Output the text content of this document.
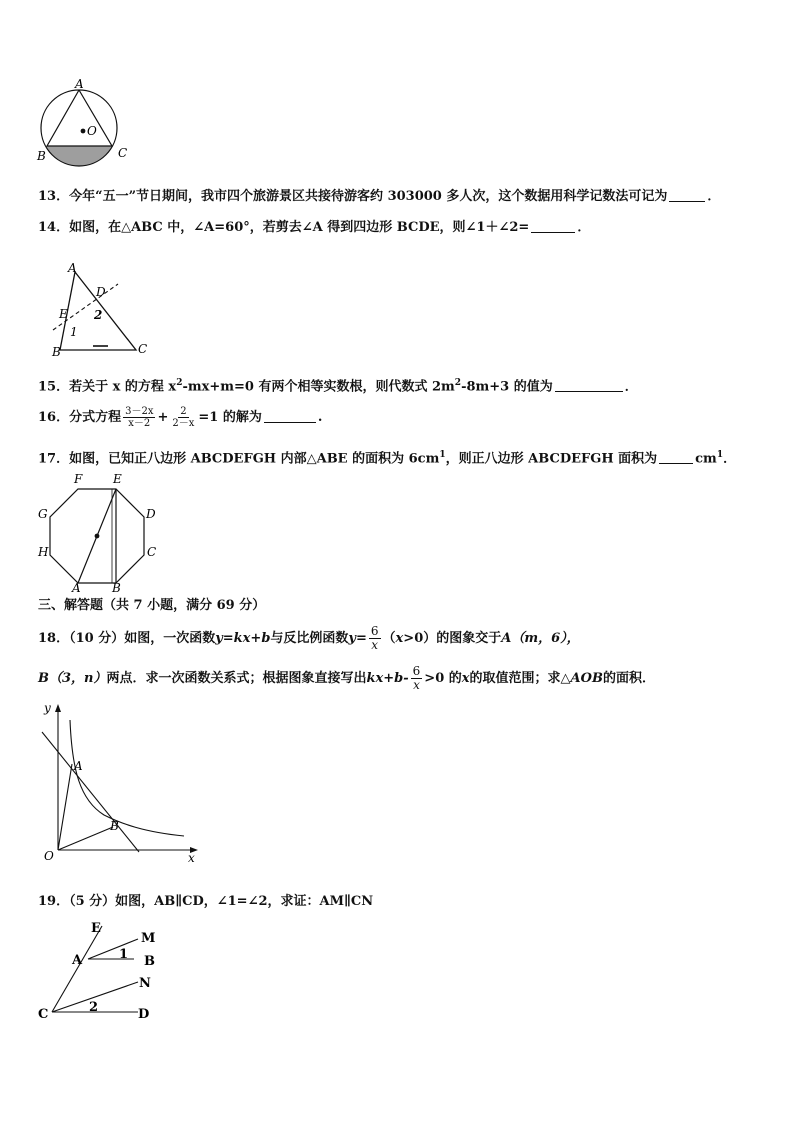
A
O
B	C
13．今年“五一”节日期间，我市四个旅游景区共接待游客约 303000 多人次，这个数据用科学记数法可记为	．
14．如图，在△ABC 中，∠A=60°，若剪去∠A 得到四边形 BCDE，则∠1＋∠2=	．
A
D
E 2
1
B	C
15．若关于 x 的方程 $x^2-mx+m=0$ 有两个相等实数根，则代数式 $2m^2-8m+3$ 的值为	．
16．分式方程 $\frac{3-2x}{x-2} + \frac{2}{2-x} =1$ 的解为	.
17．如图，已知正八边形 ABCDEFGH 内部△ABE 的面积为 $6cm^1$，则正八边形 ABCDEFGH 面积为	$cm^1$．
F	E
G	D
H	C
A	B
三、解答题（共 7 小题，满分 69 分）
18．（10 分）如图，一次函数y=kx+b与反比例函数$y= \frac{6}{x} (x>0)$的图象交于A（m，6），
B（3，n）两点．求一次函数关系式；根据图象直接写出$kx+b- \frac{6}{x} >0$ 的x的取值范围；求△AOB的面积．
y
A
B
O	x
19．（5 分）如图，AB∥CD，∠1=∠2，求证：AM∥CN
E
M
A	1 B
N
C	2	D
